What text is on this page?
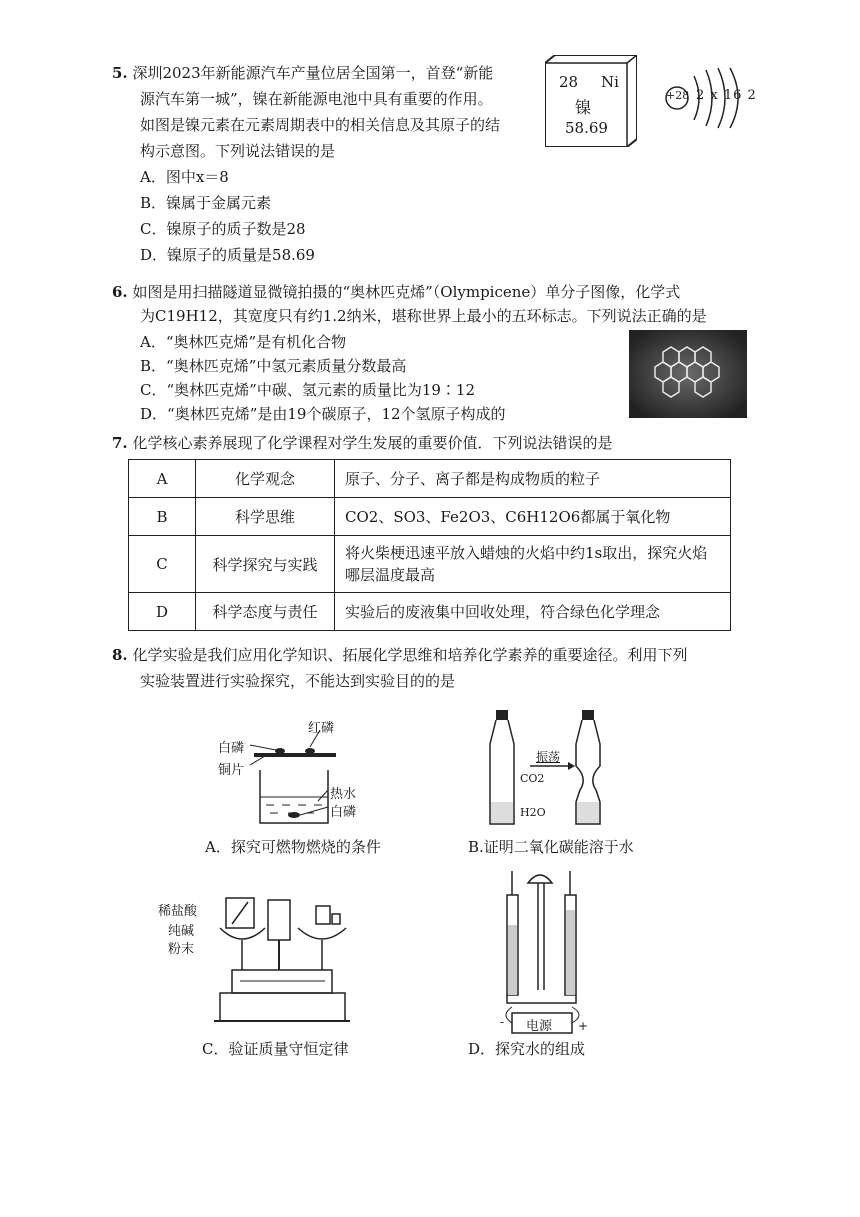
5. 深圳2023年新能源汽车产量位居全国第一，首登“新能
源汽车第一城”，镍在新能源电池中具有重要的作用。
如图是镍元素在元素周期表中的相关信息及其原子的结
构示意图。下列说法错误的是
A．图中x＝8
B．镍属于金属元素
C．镍原子的质子数是28
D．镍原子的质量是58.69
28 Ni
镍
58.69
+28 2 x 16 2
6. 如图是用扫描隧道显微镜拍摄的“奥林匹克烯”（Olympicene）单分子图像，化学式
为C19H12，其宽度只有约1.2纳米，堪称世界上最小的五环标志。下列说法正确的是
A．“奥林匹克烯”是有机化合物
B．“奥林匹克烯”中氢元素质量分数最高
C．“奥林匹克烯”中碳、氢元素的质量比为19∶12
D．“奥林匹克烯”是由19个碳原子，12个氢原子构成的
7. 化学核心素养展现了化学课程对学生发展的重要价值．下列说法错误的是
A	化学观念	原子、分子、离子都是构成物质的粒子
B	科学思维	CO2、SO3、Fe2O3、C6H12O6都属于氧化物
C	科学探究与实践	将火柴梗迅速平放入蜡烛的火焰中约1s取出，探究火焰哪层温度最高
D	科学态度与责任	实验后的废液集中回收处理，符合绿色化学理念
8. 化学实验是我们应用化学知识、拓展化学思维和培养化学素养的重要途径。利用下列
实验装置进行实验探究，不能达到实验目的的是
红磷
白磷
铜片
热水
白磷
A．探究可燃物燃烧的条件
振荡
CO2
H2O
B.证明二氧化碳能溶于水
稀盐酸
纯碱
粉末
C．验证质量守恒定律
电源
-	+
D．探究水的组成
